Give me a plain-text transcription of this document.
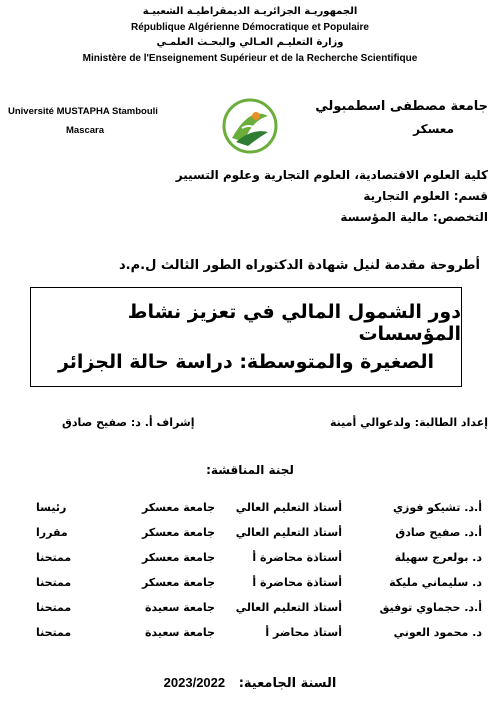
الجمهوريـة الجزائريـة الديمقراطيـة الشعبيـة
République Algérienne Démocratique et Populaire
وزارة التعليـم العـالي والبحـث العلمـي
Ministère de l'Enseignement Supérieur et de la Recherche Scientifique
Université MUSTAPHA Stambouli
Mascara
جامعة مصطفى اسطمبولي
معسكر
كلية العلوم الاقتصادية، العلوم التجارية وعلوم التسيير
قسم: العلوم التجارية
التخصص: مالية المؤسسة
أطروحة مقدمة لنيل شهادة الدكتوراه الطور الثالث ل.م.د
دور الشمول المالي في تعزيز نشاط المؤسسات
الصغيرة والمتوسطة: دراسة حالة الجزائر
إعداد الطالبة: ولدعوالي أمينة
إشراف أ. د: صفيح صادق
لجنة المناقشة:
أ.د. تشيكو فوزي
أستاذ التعليم العالي
جامعة معسكر
رئيسا
أ.د. صفيح صادق
أستاذ التعليم العالي
جامعة معسكر
مقررا
د. بولعرج سهيلة
أستاذة محاضرة أ
جامعة معسكر
ممتحنا
د. سليماني مليكة
أستاذة محاضرة أ
جامعة معسكر
ممتحنا
أ.د. حجماوي توفيق
أستاذ التعليم العالي
جامعة سعيدة
ممتحنا
د. محمود العوني
أستاذ محاضر أ
جامعة سعيدة
ممتحنا
2023/2022 السنة الجامعية:
